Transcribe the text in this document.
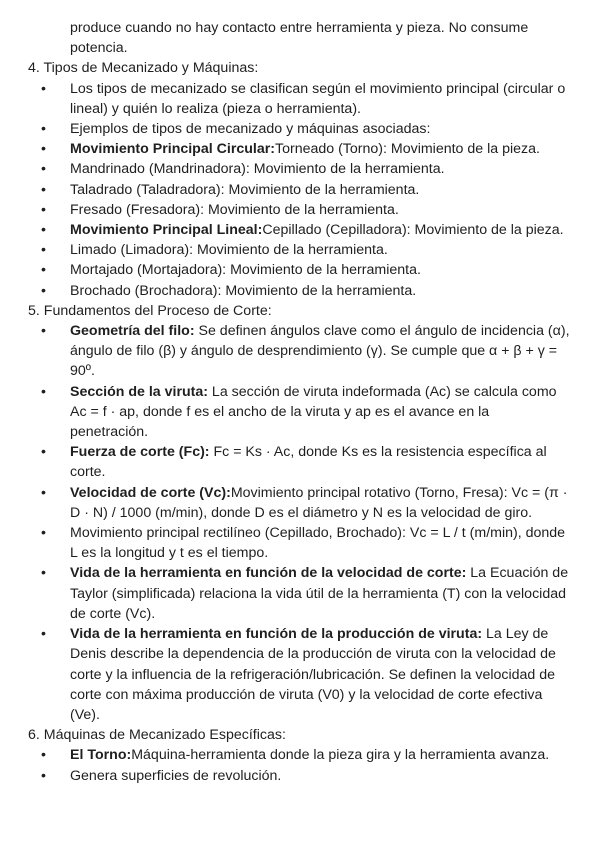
produce cuando no hay contacto entre herramienta y pieza. No consume potencia.
4. Tipos de Mecanizado y Máquinas:
• Los tipos de mecanizado se clasifican según el movimiento principal (circular o lineal) y quién lo realiza (pieza o herramienta).
• Ejemplos de tipos de mecanizado y máquinas asociadas:
• Movimiento Principal Circular:Torneado (Torno): Movimiento de la pieza.
• Mandrinado (Mandrinadora): Movimiento de la herramienta.
• Taladrado (Taladradora): Movimiento de la herramienta.
• Fresado (Fresadora): Movimiento de la herramienta.
• Movimiento Principal Lineal:Cepillado (Cepilladora): Movimiento de la pieza.
• Limado (Limadora): Movimiento de la herramienta.
• Mortajado (Mortajadora): Movimiento de la herramienta.
• Brochado (Brochadora): Movimiento de la herramienta.
5. Fundamentos del Proceso de Corte:
• Geometría del filo: Se definen ángulos clave como el ángulo de incidencia (α), ángulo de filo (β) y ángulo de desprendimiento (γ). Se cumple que α + β + γ = 90º.
• Sección de la viruta: La sección de viruta indeformada (Ac) se calcula como Ac = f · ap, donde f es el ancho de la viruta y ap es el avance en la penetración.
• Fuerza de corte (Fc): Fc = Ks · Ac, donde Ks es la resistencia específica al corte.
• Velocidad de corte (Vc):Movimiento principal rotativo (Torno, Fresa): Vc = (π · D · N) / 1000 (m/min), donde D es el diámetro y N es la velocidad de giro.
• Movimiento principal rectilíneo (Cepillado, Brochado): Vc = L / t (m/min), donde L es la longitud y t es el tiempo.
• Vida de la herramienta en función de la velocidad de corte: La Ecuación de Taylor (simplificada) relaciona la vida útil de la herramienta (T) con la velocidad de corte (Vc).
• Vida de la herramienta en función de la producción de viruta: La Ley de Denis describe la dependencia de la producción de viruta con la velocidad de corte y la influencia de la refrigeración/lubricación. Se definen la velocidad de corte con máxima producción de viruta (V0) y la velocidad de corte efectiva (Ve).
6. Máquinas de Mecanizado Específicas:
• El Torno:Máquina-herramienta donde la pieza gira y la herramienta avanza.
• Genera superficies de revolución.
